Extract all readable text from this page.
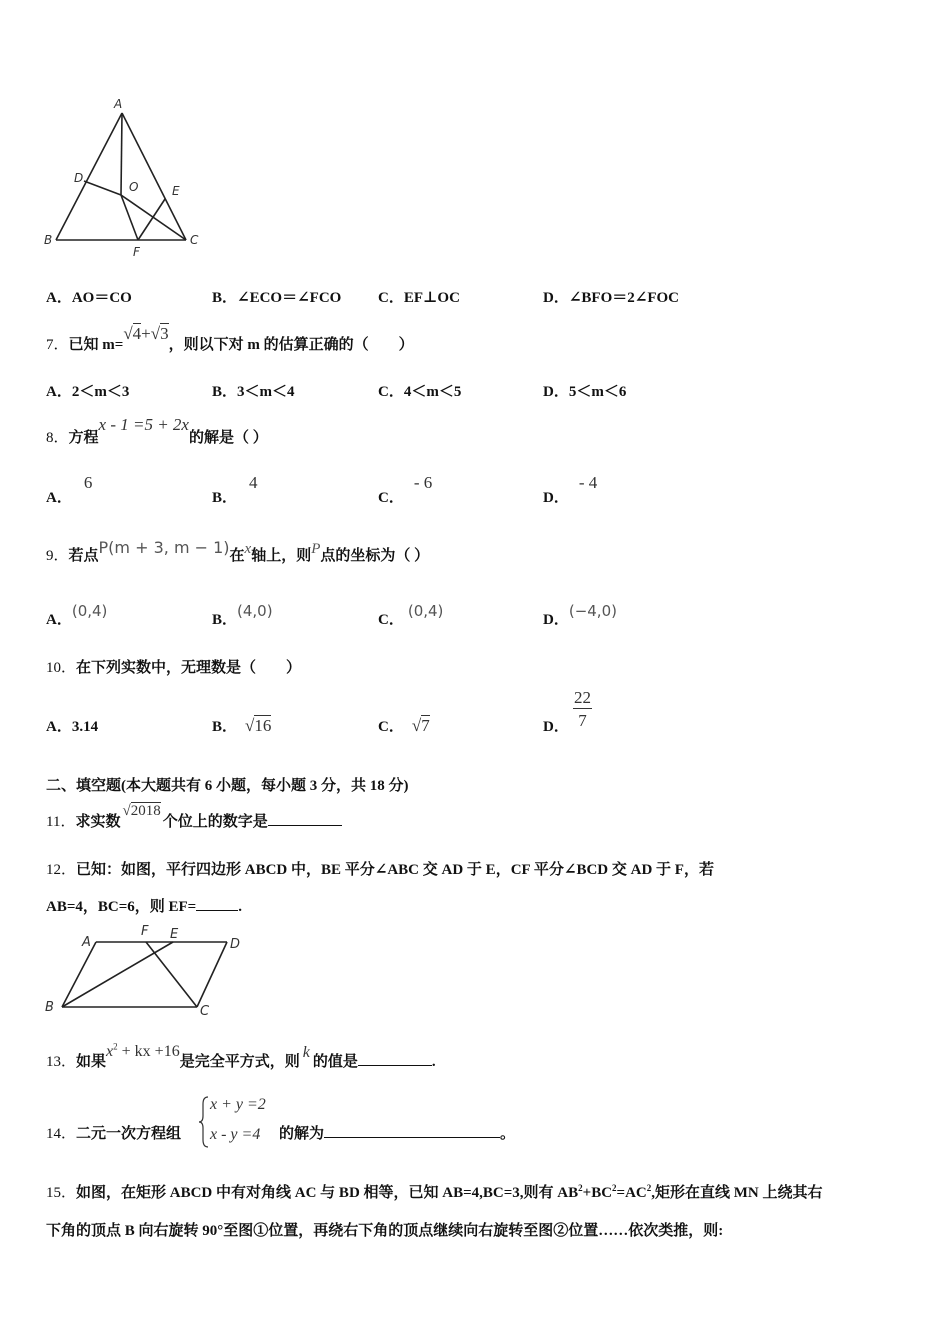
A
D
O	E
B	C
F
A．AO＝CO	B．∠ECO＝∠FCO C．EF⊥OC	D．∠BFO＝2∠FOC
7．已知 m=√4+√3，则以下对 m 的估算正确的（　　）
A．2＜m＜3	B．3＜m＜4	C．4＜m＜5	D．5＜m＜6
8．方程x - 1 =5 + 2x的解是（ ）
A．6
B．4
C．- 6
D．- 4
9．若点P(m + 3, m − 1)在x轴上，则P点的坐标为（ ）
A．(0,4)	B．(4,0)	C． (0,4)	D．(−4,0)
10．在下列实数中，无理数是（　　）
A．3.14	B． √16	C． √7	D．
22
7
二、填空题(本大题共有 6 小题，每小题 3 分，共 18 分)
11．求实数√2018个位上的数字是
12．已知：如图，平行四边形 ABCD 中，BE 平分∠ABC 交 AD 于 E，CF 平分∠BCD 交 AD 于 F，若
AB=4，BC=6，则 EF=	.
A
F E
D
B	C
13．如果$x^2$ + kx +16是完全平方式，则k的值是	.
14．二元一次方程组
x + y =2
x - y =4 的解为	。
15．如图，在矩形 ABCD 中有对角线 AC 与 BD 相等，已知 AB=4,BC=3,则有 $AB^2+BC^2=AC^2$,矩形在直线 MN 上绕其右
下角的顶点 B 向右旋转 90°至图①位置，再绕右下角的顶点继续向右旋转至图②位置……依次类推，则:
